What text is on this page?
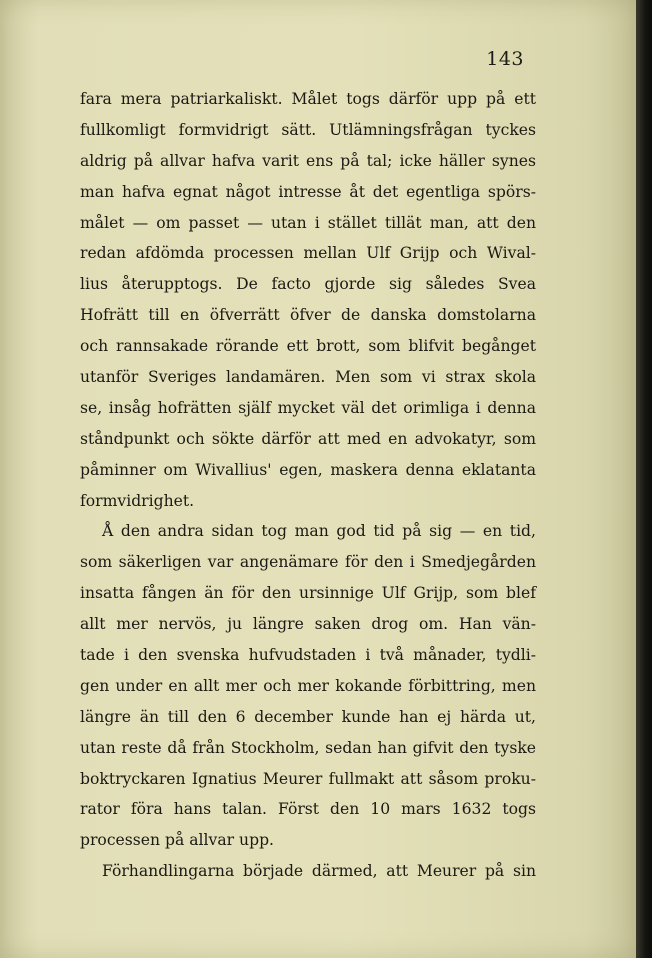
143
fara mera patriarkaliskt. Målet togs därför upp på ett
fullkomligt formvidrigt sätt. Utlämningsfrågan tyckes
aldrig på allvar hafva varit ens på tal; icke häller synes
man hafva egnat något intresse åt det egentliga spörs-
målet — om passet — utan i stället tillät man, att den
redan afdömda processen mellan Ulf Grijp och Wival-
lius återupptogs. De facto gjorde sig således Svea
Hofrätt till en öfverrätt öfver de danska domstolarna
och rannsakade rörande ett brott, som blifvit begånget
utanför Sveriges landamären. Men som vi strax skola
se, insåg hofrätten själf mycket väl det orimliga i denna
ståndpunkt och sökte därför att med en advokatyr, som
påminner om Wivallius' egen, maskera denna eklatanta
formvidrighet.
Å den andra sidan tog man god tid på sig — en tid,
som säkerligen var angenämare för den i Smedjegården
insatta fången än för den ursinnige Ulf Grijp, som blef
allt mer nervös, ju längre saken drog om. Han vän-
tade i den svenska hufvudstaden i två månader, tydli-
gen under en allt mer och mer kokande förbittring, men
längre än till den 6 december kunde han ej härda ut,
utan reste då från Stockholm, sedan han gifvit den tyske
boktryckaren Ignatius Meurer fullmakt att såsom proku-
rator föra hans talan. Först den 10 mars 1632 togs
processen på allvar upp.
Förhandlingarna började därmed, att Meurer på sin
